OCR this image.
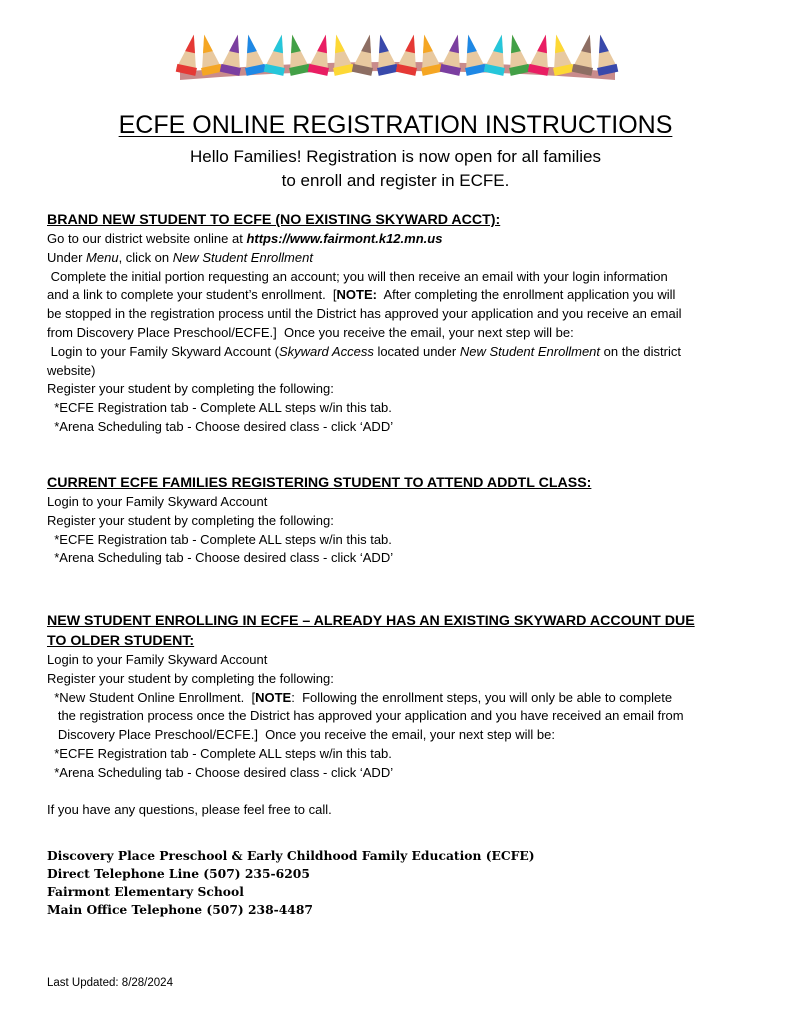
ECFE ONLINE REGISTRATION INSTRUCTIONS
Hello Families! Registration is now open for all families
to enroll and register in ECFE.
BRAND NEW STUDENT TO ECFE (NO EXISTING SKYWARD ACCT):
Go to our district website online at https://www.fairmont.k12.mn.us
Under Menu, click on New Student Enrollment
Complete the initial portion requesting an account; you will then receive an email with your login information
and a link to complete your student’s enrollment.  [NOTE:  After completing the enrollment application you will
be stopped in the registration process until the District has approved your application and you receive an email
from Discovery Place Preschool/ECFE.]  Once you receive the email, your next step will be:
Login to your Family Skyward Account (Skyward Access located under New Student Enrollment on the district
website)
Register your student by completing the following:
*ECFE Registration tab - Complete ALL steps w/in this tab.
*Arena Scheduling tab - Choose desired class - click ‘ADD’
CURRENT ECFE FAMILIES REGISTERING STUDENT TO ATTEND ADDTL CLASS:
Login to your Family Skyward Account
Register your student by completing the following:
*ECFE Registration tab - Complete ALL steps w/in this tab.
*Arena Scheduling tab - Choose desired class - click ‘ADD’
NEW STUDENT ENROLLING IN ECFE – ALREADY HAS AN EXISTING SKYWARD ACCOUNT DUE
TO OLDER STUDENT:
Login to your Family Skyward Account
Register your student by completing the following:
*New Student Online Enrollment.  [NOTE:  Following the enrollment steps, you will only be able to complete
the registration process once the District has approved your application and you have received an email from
Discovery Place Preschool/ECFE.]  Once you receive the email, your next step will be:
*ECFE Registration tab - Complete ALL steps w/in this tab.
*Arena Scheduling tab - Choose desired class - click ‘ADD’

If you have any questions, please feel free to call.
Discovery Place Preschool & Early Childhood Family Education (ECFE)
Direct Telephone Line (507) 235-6205
Fairmont Elementary School
Main Office Telephone (507) 238-4487
Last Updated: 8/28/2024
